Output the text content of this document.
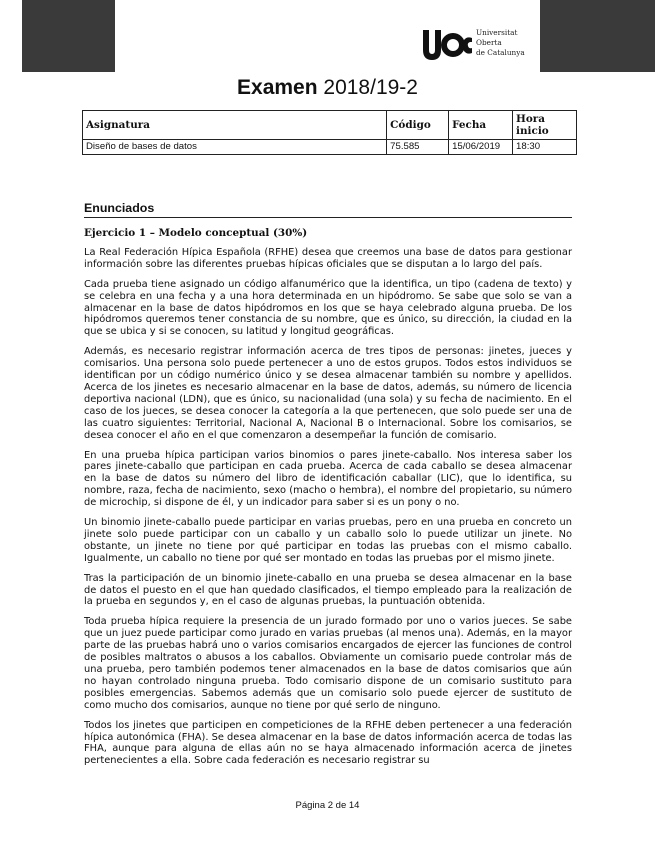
Universitat
Oberta
de Catalunya
Examen 2018/19-2
Asignatura	Código	Fecha	Hora inicio
Diseño de bases de datos	75.585	15/06/2019	18:30
Enunciados
Ejercicio 1 – Modelo conceptual (30%)

La Real Federación Hípica Española (RFHE) desea que creemos una base de datos para gestionar información sobre las diferentes pruebas hípicas oficiales que se disputan a lo largo del país.

Cada prueba tiene asignado un código alfanumérico que la identifica, un tipo (cadena de texto) y se celebra en una fecha y a una hora determinada en un hipódromo. Se sabe que solo se van a almacenar en la base de datos hipódromos en los que se haya celebrado alguna prueba. De los hipódromos queremos tener constancia de su nombre, que es único, su dirección, la ciudad en la que se ubica y si se conocen, su latitud y longitud geográficas.

Además, es necesario registrar información acerca de tres tipos de personas: jinetes, jueces y comisarios. Una persona solo puede pertenecer a uno de estos grupos. Todos estos individuos se identifican por un código numérico único y se desea almacenar también su nombre y apellidos. Acerca de los jinetes es necesario almacenar en la base de datos, además, su número de licencia deportiva nacional (LDN), que es único, su nacionalidad (una sola) y su fecha de nacimiento. En el caso de los jueces, se desea conocer la categoría a la que pertenecen, que solo puede ser una de las cuatro siguientes: Territorial, Nacional A, Nacional B o Internacional. Sobre los comisarios, se desea conocer el año en el que comenzaron a desempeñar la función de comisario.

En una prueba hípica participan varios binomios o pares jinete-caballo. Nos interesa saber los pares jinete-caballo que participan en cada prueba. Acerca de cada caballo se desea almacenar en la base de datos su número del libro de identificación caballar (LIC), que lo identifica, su nombre, raza, fecha de nacimiento, sexo (macho o hembra), el nombre del propietario, su número de microchip, si dispone de él, y un indicador para saber si es un pony o no.

Un binomio jinete-caballo puede participar en varias pruebas, pero en una prueba en concreto un jinete solo puede participar con un caballo y un caballo solo lo puede utilizar un jinete. No obstante, un jinete no tiene por qué participar en todas las pruebas con el mismo caballo. Igualmente, un caballo no tiene por qué ser montado en todas las pruebas por el mismo jinete.

Tras la participación de un binomio jinete-caballo en una prueba se desea almacenar en la base de datos el puesto en el que han quedado clasificados, el tiempo empleado para la realización de la prueba en segundos y, en el caso de algunas pruebas, la puntuación obtenida.

Toda prueba hípica requiere la presencia de un jurado formado por uno o varios jueces. Se sabe que un juez puede participar como jurado en varias pruebas (al menos una). Además, en la mayor parte de las pruebas habrá uno o varios comisarios encargados de ejercer las funciones de control de posibles maltratos o abusos a los caballos. Obviamente un comisario puede controlar más de una prueba, pero también podemos tener almacenados en la base de datos comisarios que aún no hayan controlado ninguna prueba. Todo comisario dispone de un comisario sustituto para posibles emergencias. Sabemos además que un comisario solo puede ejercer de sustituto de como mucho dos comisarios, aunque no tiene por qué serlo de ninguno.

Todos los jinetes que participen en competiciones de la RFHE deben pertenecer a una federación hípica autonómica (FHA). Se desea almacenar en la base de datos información acerca de todas las FHA, aunque para alguna de ellas aún no se haya almacenado información acerca de jinetes pertenecientes a ella. Sobre cada federación es necesario registrar su

Página 2 de 14
